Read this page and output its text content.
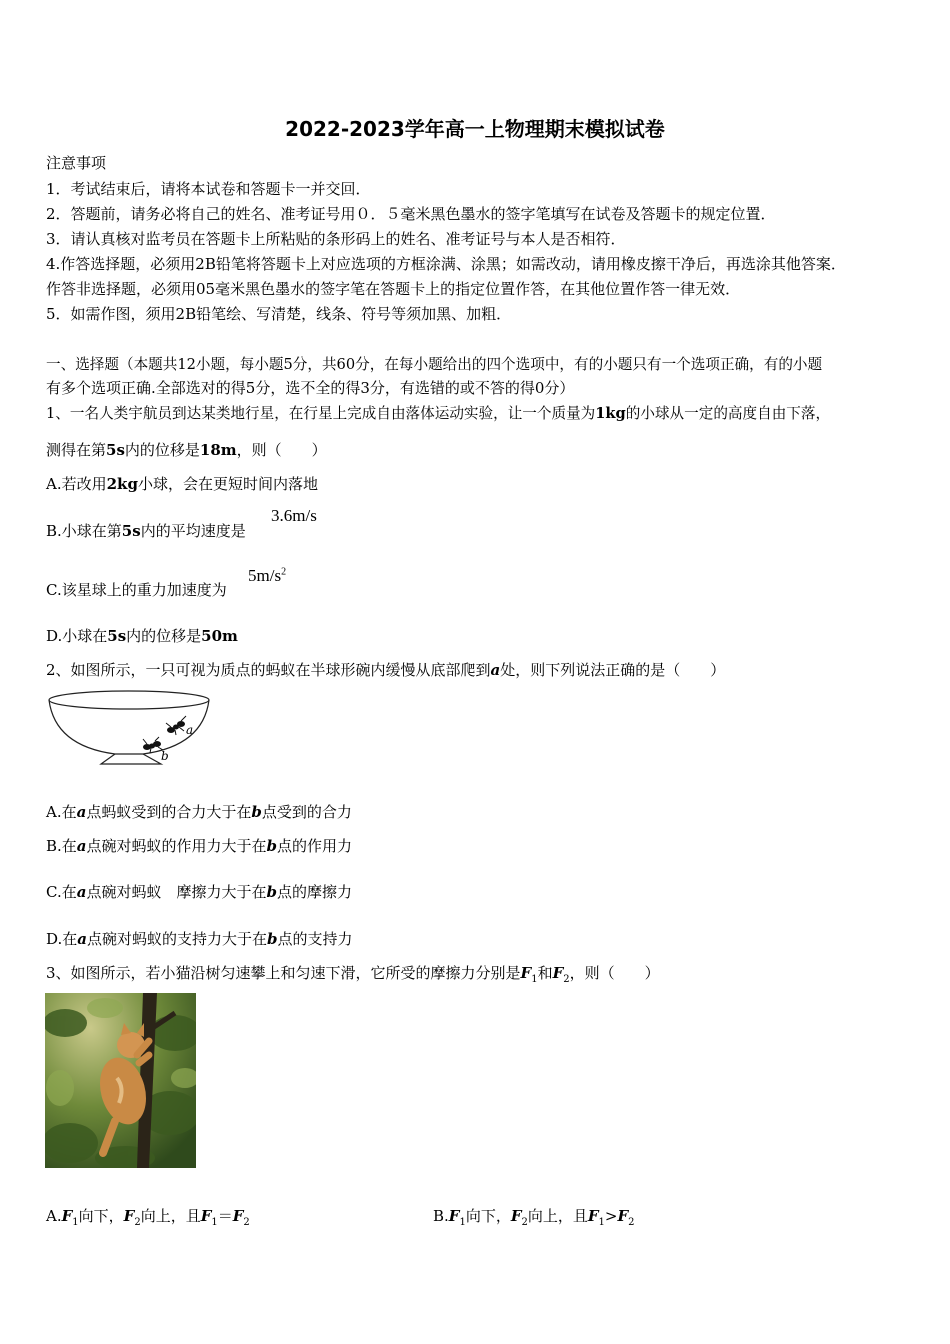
2022-2023学年高一上物理期末模拟试卷
注意事项
1．考试结束后，请将本试卷和答题卡一并交回．
2．答题前，请务必将自己的姓名、准考证号用０．５毫米黑色墨水的签字笔填写在试卷及答题卡的规定位置．
3．请认真核对监考员在答题卡上所粘贴的条形码上的姓名、准考证号与本人是否相符．
4.作答选择题，必须用2B铅笔将答题卡上对应选项的方框涂满、涂黑；如需改动，请用橡皮擦干净后，再选涂其他答案．
作答非选择题，必须用05毫米黑色墨水的签字笔在答题卡上的指定位置作答，在其他位置作答一律无效．
5．如需作图，须用2B铅笔绘、写清楚，线条、符号等须加黑、加粗．
一、选择题（本题共12小题，每小题5分，共60分，在每小题给出的四个选项中，有的小题只有一个选项正确，有的小题
有多个选项正确.全部选对的得5分，选不全的得3分，有选错的或不答的得0分）
1、一名人类宇航员到达某类地行星，在行星上完成自由落体运动实验，让一个质量为1kg的小球从一定的高度自由下落，
测得在第5s内的位移是18m，则（　　）
A.若改用2kg小球，会在更短时间内落地
B.小球在第5s内的平均速度是
3.6m/s
C.该星球上的重力加速度为
$5m/s^2$
D.小球在5s内的位移是50m
2、如图所示，一只可视为质点的蚂蚁在半球形碗内缓慢从底部爬到a处，则下列说法正确的是（　　）
a
b
A.在a点蚂蚁受到的合力大于在b点受到的合力
B.在a点碗对蚂蚁的作用力大于在b点的作用力
C.在a点碗对蚂蚁　摩擦力大于在b点的摩擦力
D.在a点碗对蚂蚁的支持力大于在b点的支持力
3、如图所示，若小猫沿树匀速攀上和匀速下滑，它所受的摩擦力分别是$F_1$和$F_2$，则（　　）
$A.F_1$向下，$F_2$向上，且$F_1=F_2$	$B.F_1$向下，$F_2$向上，且$F_1>F_2$
